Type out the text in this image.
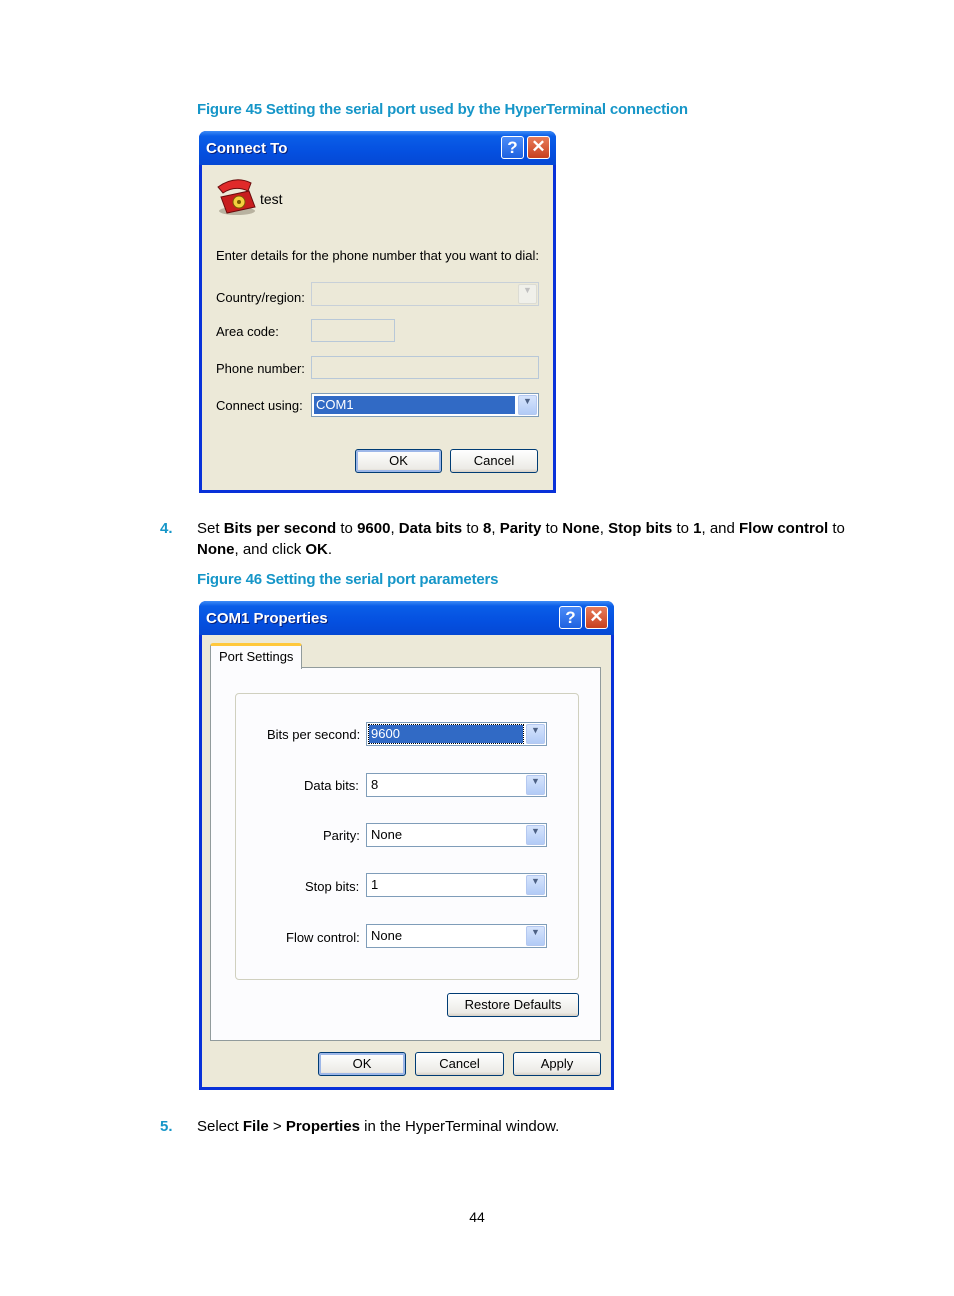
Figure 45 Setting the serial port used by the HyperTerminal connection
Connect To	? ✕
test
Enter details for the phone number that you want to dial:
Country/region:	▼
Area code:
Phone number:
Connect using: COM1	▼
OK	Cancel
4. Set Bits per second to 9600, Data bits to 8, Parity to None, Stop bits to 1, and Flow control to None, and click OK.
Figure 46 Setting the serial port parameters
COM1 Properties	? ✕
Bits per second: 9600	▼
Data bits: 8	▼
Parity: None	▼
Stop bits: 1	▼
Flow control: None	▼
Restore Defaults
Port Settings
OK	Cancel	Apply
5. Select File > Properties in the HyperTerminal window.
44
